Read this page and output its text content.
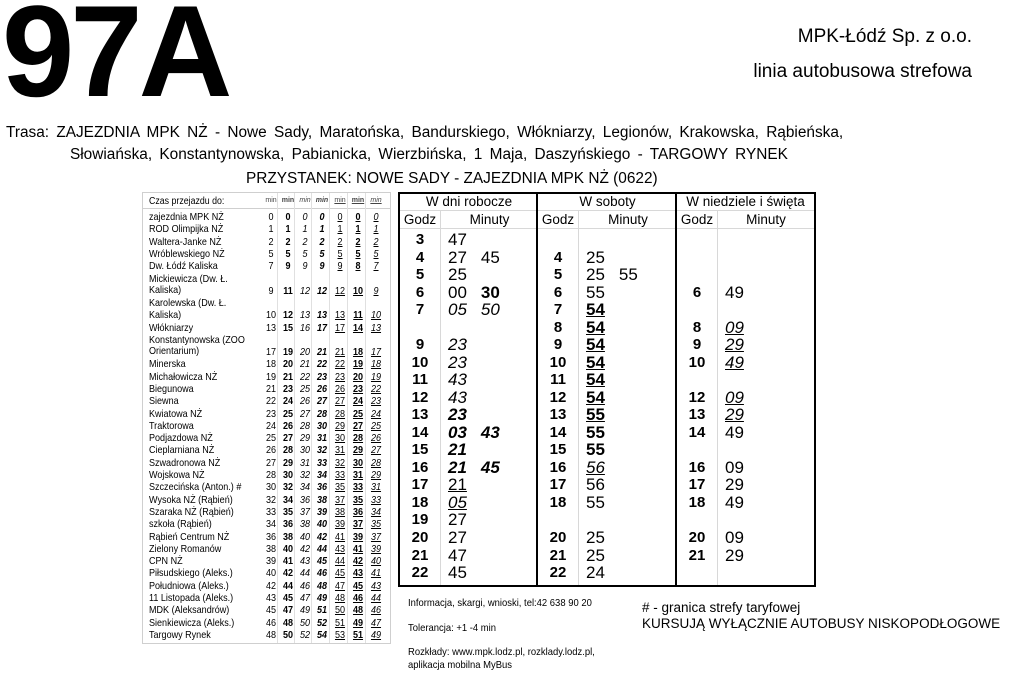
97A	MPK-Łódź Sp. z o.o.
linia autobusowa strefowa
Trasa: ZAJEZDNIA MPK NŻ - Nowe Sady, Maratońska, Bandurskiego, Włókniarzy, Legionów, Krakowska, Rąbieńska,
Słowiańska, Konstantynowska, Pabianicka, Wierzbińska, 1 Maja, Daszyńskiego - TARGOWY RYNEK
PRZYSTANEK: NOWE SADY - ZAJEZDNIA MPK NŻ (0622)
Czas przejazdu do:	min min min min min min min
zajezdnia MPK NŻ	0	0	0	0	0	0	0
ROD Olimpijka NŻ	1	1	1	1	1	1	1
Waltera-Janke NŻ	2	2	2	2	2	2	2
Wróblewskiego NŻ	5	5	5	5	5	5	5
Dw. Łódź Kaliska	7	9	9	9	9	8	7
Mickiewicza (Dw. Ł. Kaliska)	9 11 12 12 12 10 9
Karolewska (Dw. Ł. Kaliska)	10 12 13 13 13 11 10
Włókniarzy	13 15 16 17 17 14 13
Konstantynowska (ZOO Orientarium)	17 19 20 21 21 18 17
Minerska	18 20 21 22 22 19 18
Michałowicza NŻ	19 21 22 23 23 20 19
Biegunowa	21 23 25 26 26 23 22
Siewna	22 24 26 27 27 24 23
Kwiatowa NŻ	23 25 27 28 28 25 24
Traktorowa	24 26 28 30 29 27 25
Podjazdowa NŻ	25 27 29 31 30 28 26
Cieplarniana NŻ	26 28 30 32 31 29 27
Szwadronowa NŻ	27 29 31 33 32 30 28
Wojskowa NŻ	28 30 32 34 33 31 29
Szczecińska (Anton.) #	30 32 34 36 35 33 31
Wysoka NŻ (Rąbień)	32 34 36 38 37 35 33
Szaraka NŻ (Rąbień)	33 35 37 39 38 36 34
szkoła (Rąbień)	34 36 38 40 39 37 35
Rąbień Centrum NŻ	36 38 40 42 41 39 37
Zielony Romanów	38 40 42 44 43 41 39
CPN NŻ	39 41 43 45 44 42 40
Piłsudskiego (Aleks.)	40 42 44 46 45 43 41
Południowa (Aleks.)	42 44 46 48 47 45 43
11 Listopada (Aleks.)	43 45 47 49 48 46 44
MDK (Aleksandrów)	45 47 49 51 50 48 46
Sienkiewicza (Aleks.)	46 48 50 52 51 49 47
Targowy Rynek	48 50 52 54 53 51 49
W dni robocze
Godz	Minuty
3	47
4	27 45
5	25
6	00 30
7	05 50
9	23
10	23
11	43
12	43
13	23
14	03 43
15	21
16	21 45
17	21
18	05
19	27
20	27
21	47
22	45
W soboty
Godz	Minuty
4	25
5	25 55
6	55
7	54
8	54
9	54
10	54
11	54
12	54
13	55
14	55
15	55
16	56
17	56
18	55
20	25
21	25
22	24
W niedziele i święta
Godz	Minuty
6	49
8	09
9	29
10	49
12	09
13	29
14	49
16	09
17	29
18	49
20	09
21	29
Informacja, skargi, wnioski, tel:42 638 90 20
Tolerancja: +1 -4 min
Rozkłady: www.mpk.lodz.pl, rozklady.lodz.pl,
aplikacja mobilna MyBus
# - granica strefy taryfowej
KURSUJĄ WYŁĄCZNIE AUTOBUSY NISKOPODŁOGOWE
